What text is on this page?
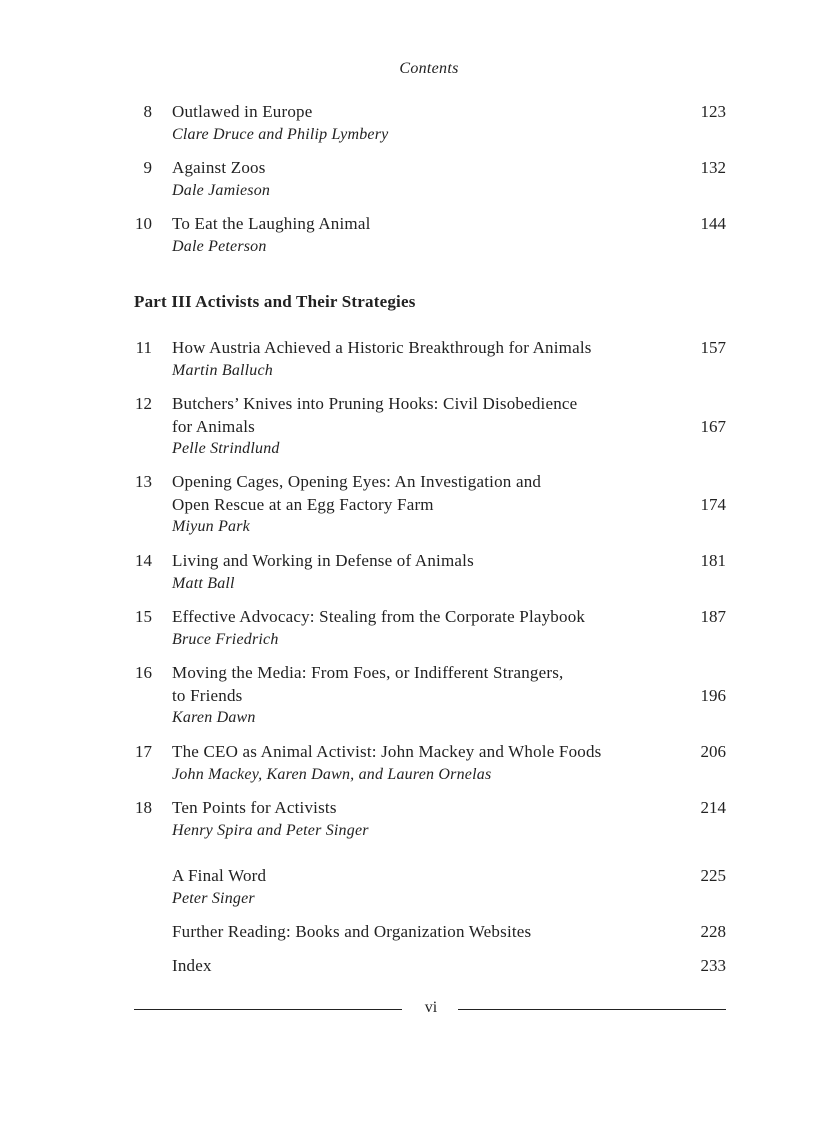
Contents
8 Outlawed in Europe
Clare Druce and Philip Lymbery
123
9 Against Zoos
Dale Jamieson
132
10 To Eat the Laughing Animal
Dale Peterson
144
Part III Activists and Their Strategies
11 How Austria Achieved a Historic Breakthrough for Animals
Martin Balluch
157
12 Butchers’ Knives into Pruning Hooks: Civil Disobedience
for Animals
Pelle Strindlund
167
13 Opening Cages, Opening Eyes: An Investigation and
Open Rescue at an Egg Factory Farm
Miyun Park
174
14 Living and Working in Defense of Animals
Matt Ball
181
15 Effective Advocacy: Stealing from the Corporate Playbook
Bruce Friedrich
187
16 Moving the Media: From Foes, or Indifferent Strangers,
to Friends
Karen Dawn
196
17 The CEO as Animal Activist: John Mackey and Whole Foods
John Mackey, Karen Dawn, and Lauren Ornelas
206
18 Ten Points for Activists
Henry Spira and Peter Singer
214
A Final Word
Peter Singer
225
Further Reading: Books and Organization Websites	228
Index	233
vi
